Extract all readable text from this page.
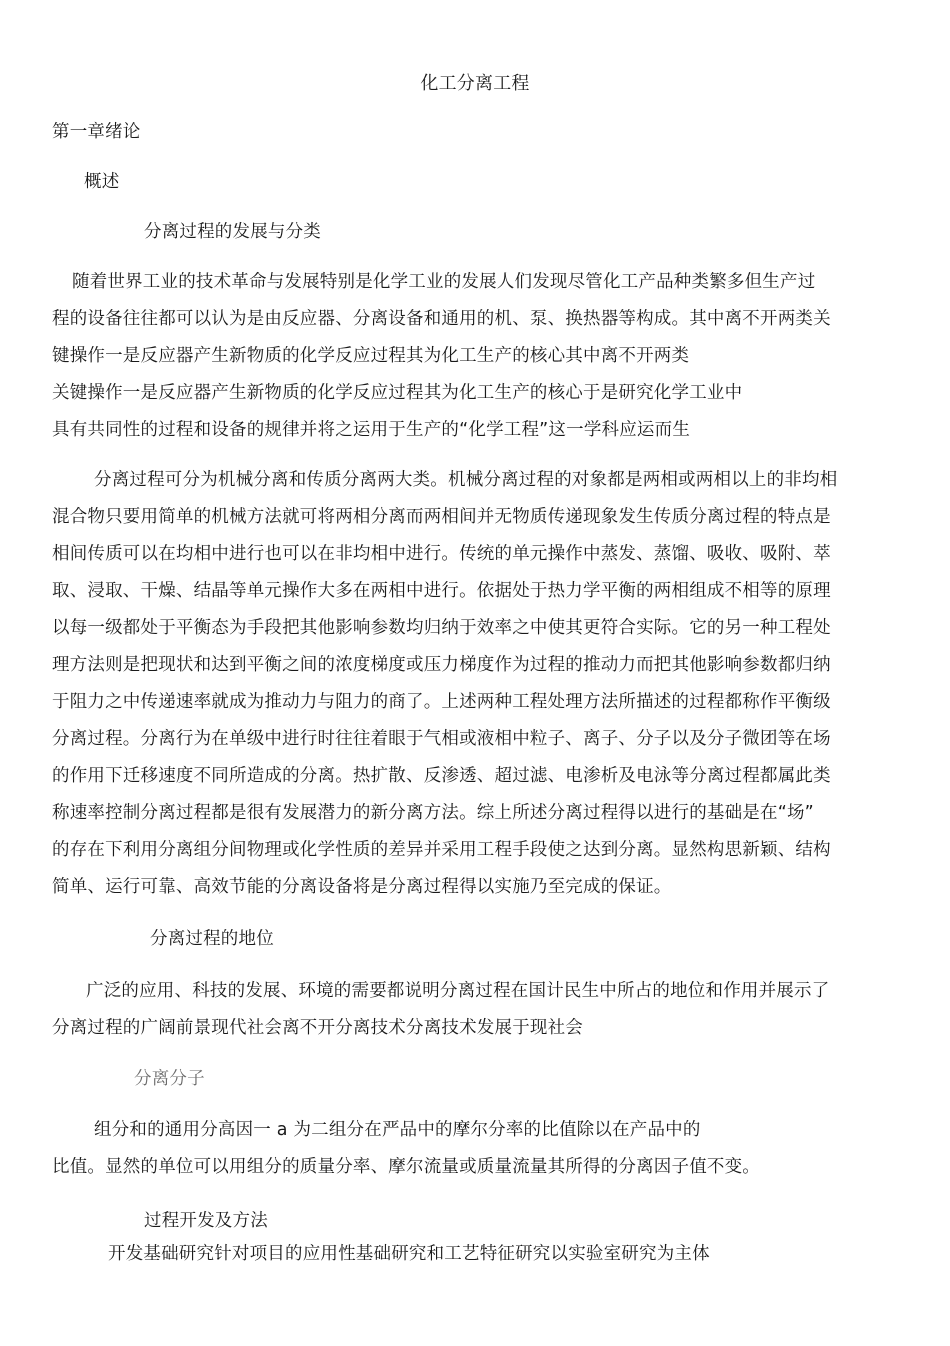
化工分离工程
第一章绪论
概述
分离过程的发展与分类
随着世界工业的技术革命与发展特别是化学工业的发展人们发现尽管化工产品种类繁多但生产过
程的设备往往都可以认为是由反应器、分离设备和通用的机、泵、换热器等构成。其中离不开两类关
键操作一是反应器产生新物质的化学反应过程其为化工生产的核心其中离不开两类
关键操作一是反应器产生新物质的化学反应过程其为化工生产的核心于是研究化学工业中
具有共同性的过程和设备的规律并将之运用于生产的“化学工程”这一学科应运而生
分离过程可分为机械分离和传质分离两大类。机械分离过程的对象都是两相或两相以上的非均相
混合物只要用简单的机械方法就可将两相分离而两相间并无物质传递现象发生传质分离过程的特点是
相间传质可以在均相中进行也可以在非均相中进行。传统的单元操作中蒸发、蒸馏、吸收、吸附、萃
取、浸取、干燥、结晶等单元操作大多在两相中进行。依据处于热力学平衡的两相组成不相等的原理
以每一级都处于平衡态为手段把其他影响参数均归纳于效率之中使其更符合实际。它的另一种工程处
理方法则是把现状和达到平衡之间的浓度梯度或压力梯度作为过程的推动力而把其他影响参数都归纳
于阻力之中传递速率就成为推动力与阻力的商了。上述两种工程处理方法所描述的过程都称作平衡级
分离过程。分离行为在单级中进行时往往着眼于气相或液相中粒子、离子、分子以及分子微团等在场
的作用下迁移速度不同所造成的分离。热扩散、反渗透、超过滤、电渗析及电泳等分离过程都属此类
称速率控制分离过程都是很有发展潜力的新分离方法。综上所述分离过程得以进行的基础是在“场”
的存在下利用分离组分间物理或化学性质的差异并采用工程手段使之达到分离。显然构思新颖、结构
简单、运行可靠、高效节能的分离设备将是分离过程得以实施乃至完成的保证。
分离过程的地位
广泛的应用、科技的发展、环境的需要都说明分离过程在国计民生中所占的地位和作用并展示了
分离过程的广阔前景现代社会离不开分离技术分离技术发展于现社会
分离分子
组分和的通用分高因一 a 为二组分在严品中的摩尔分率的比值除以在产品中的
比值。显然的单位可以用组分的质量分率、摩尔流量或质量流量其所得的分离因子值不变。
过程开发及方法
开发基础研究针对项目的应用性基础研究和工艺特征研究以实验室研究为主体
